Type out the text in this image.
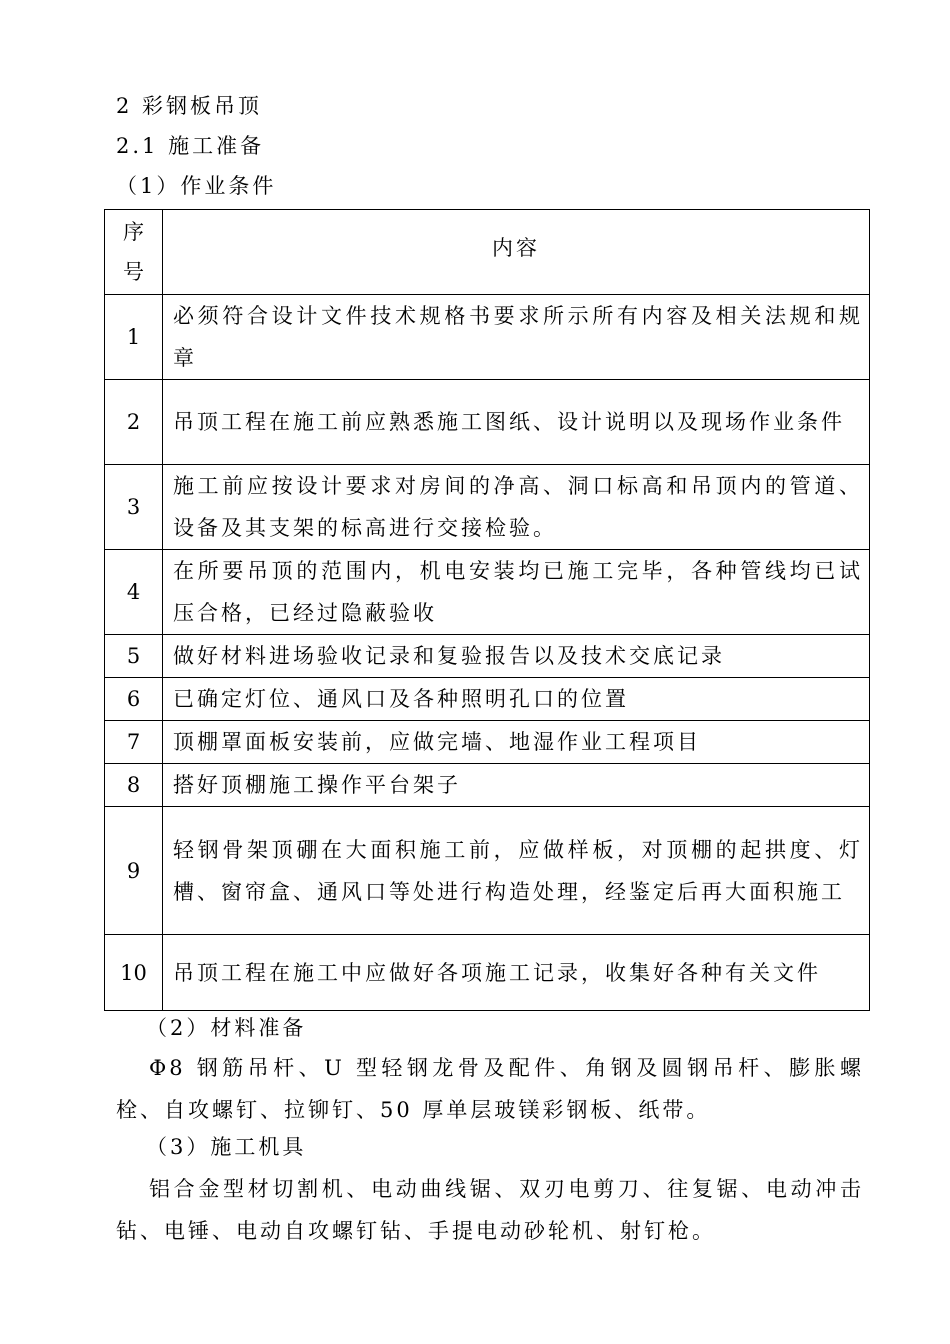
2 彩钢板吊顶
2.1 施工准备
（1）作业条件
序号	内容
1	必须符合设计文件技术规格书要求所示所有内容及相关法规和规章
2	吊顶工程在施工前应熟悉施工图纸、设计说明以及现场作业条件
3	施工前应按设计要求对房间的净高、洞口标高和吊顶内的管道、设备及其支架的标高进行交接检验。
4	在所要吊顶的范围内，机电安装均已施工完毕，各种管线均已试压合格，已经过隐蔽验收
5	做好材料进场验收记录和复验报告以及技术交底记录
6	已确定灯位、通风口及各种照明孔口的位置
7	顶棚罩面板安装前，应做完墙、地湿作业工程项目
8	搭好顶棚施工操作平台架子
9	轻钢骨架顶硼在大面积施工前，应做样板，对顶棚的起拱度、灯槽、窗帘盒、通风口等处进行构造处理，经鉴定后再大面积施工
10	吊顶工程在施工中应做好各项施工记录，收集好各种有关文件
（2）材料准备
Φ8 钢筋吊杆、U 型轻钢龙骨及配件、角钢及圆钢吊杆、膨胀螺栓、自攻螺钉、拉铆钉、50 厚单层玻镁彩钢板、纸带。
（3）施工机具
铝合金型材切割机、电动曲线锯、双刃电剪刀、往复锯、电动冲击钻、电锤、电动自攻螺钉钻、手提电动砂轮机、射钉枪。
